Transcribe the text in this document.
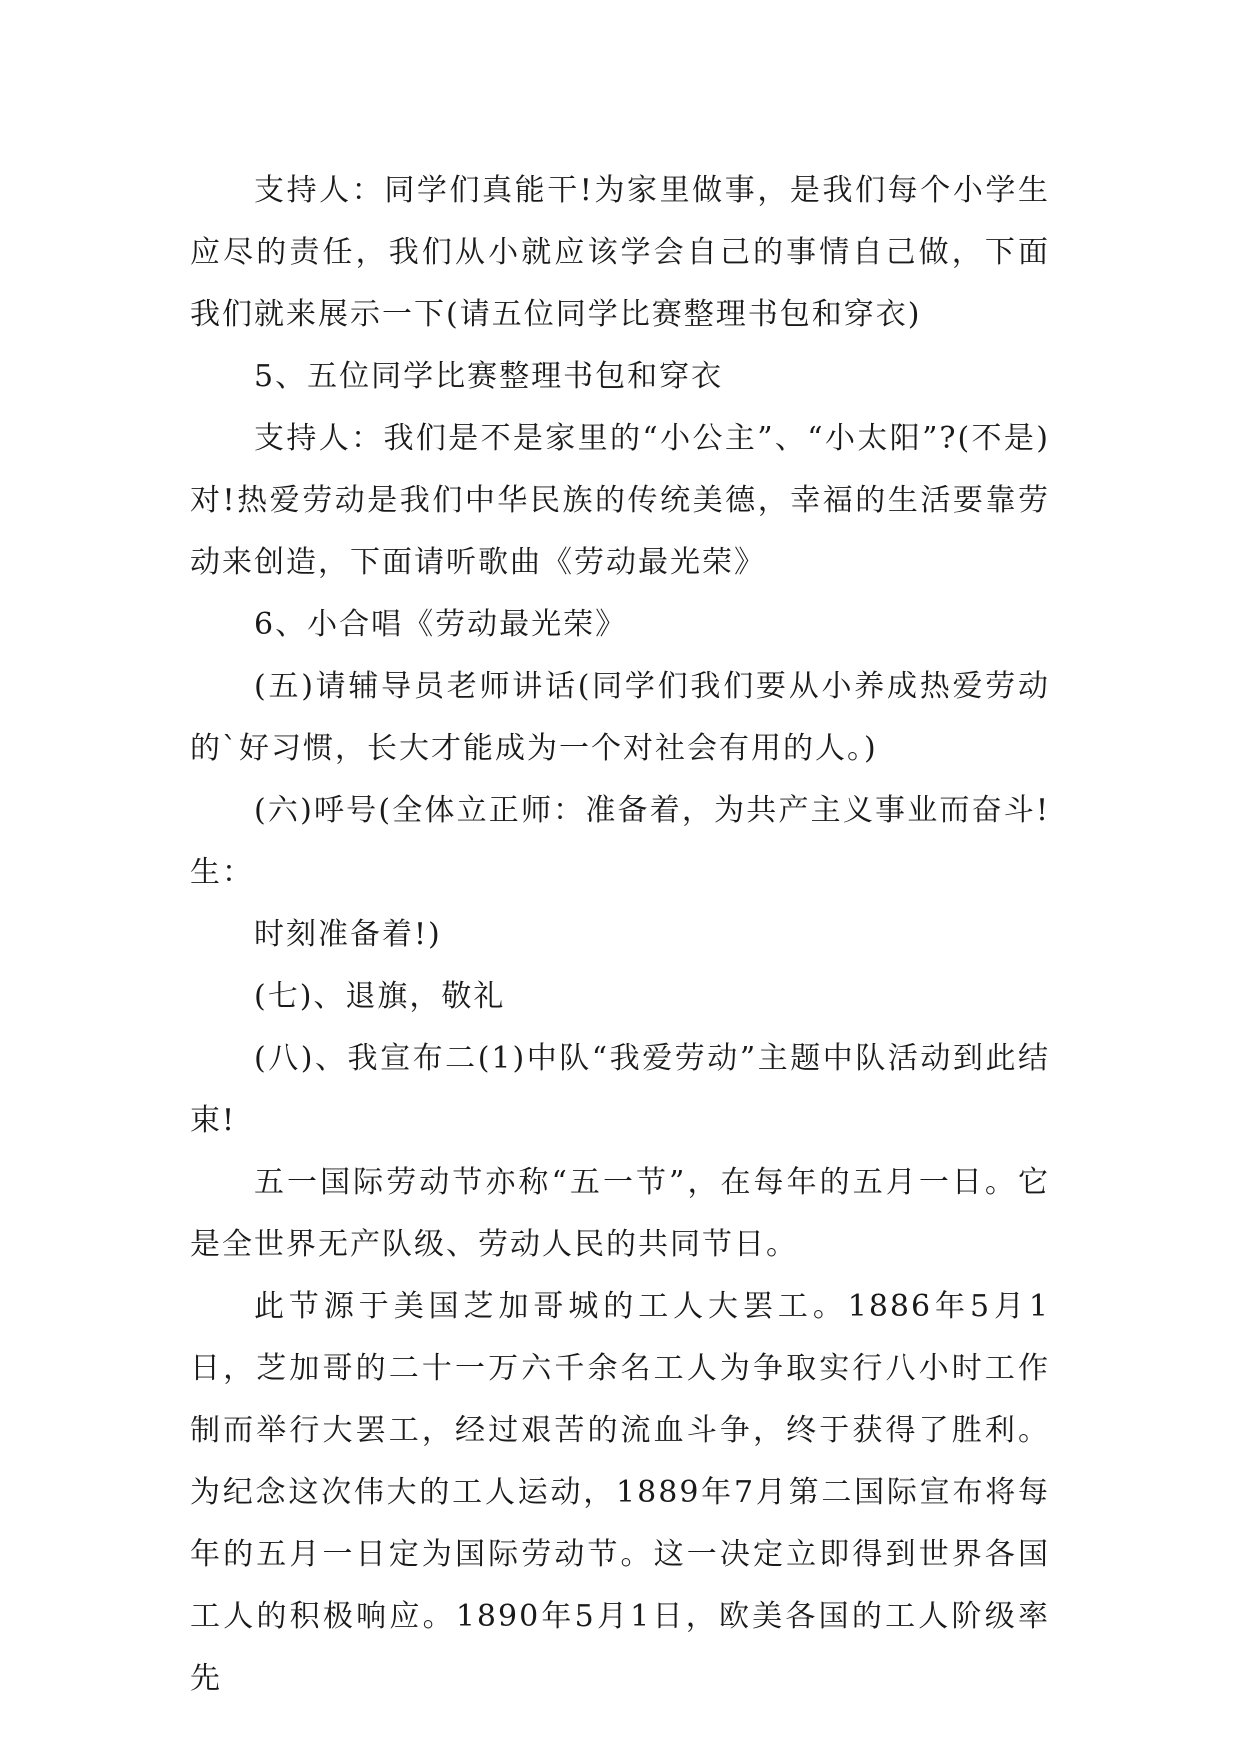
支持人：同学们真能干!为家里做事，是我们每个小学生应尽的责任，我们从小就应该学会自己的事情自己做，下面我们就来展示一下(请五位同学比赛整理书包和穿衣)

5、五位同学比赛整理书包和穿衣

支持人：我们是不是家里的“小公主”、“小太阳”?(不是)对!热爱劳动是我们中华民族的传统美德，幸福的生活要靠劳动来创造，下面请听歌曲《劳动最光荣》

6、小合唱《劳动最光荣》

(五)请辅导员老师讲话(同学们我们要从小养成热爱劳动的`好习惯，长大才能成为一个对社会有用的人。)

(六)呼号(全体立正师：准备着，为共产主义事业而奋斗!生：

时刻准备着!)

(七)、退旗，敬礼

(八)、我宣布二(1)中队“我爱劳动”主题中队活动到此结束!

五一国际劳动节亦称“五一节”，在每年的五月一日。它是全世界无产队级、劳动人民的共同节日。

此节源于美国芝加哥城的工人大罢工。1886年5月1日，芝加哥的二十一万六千余名工人为争取实行八小时工作制而举行大罢工，经过艰苦的流血斗争，终于获得了胜利。为纪念这次伟大的工人运动，1889年7月第二国际宣布将每年的五月一日定为国际劳动节。这一决定立即得到世界各国工人的积极响应。1890年5月1日，欧美各国的工人阶级率先
